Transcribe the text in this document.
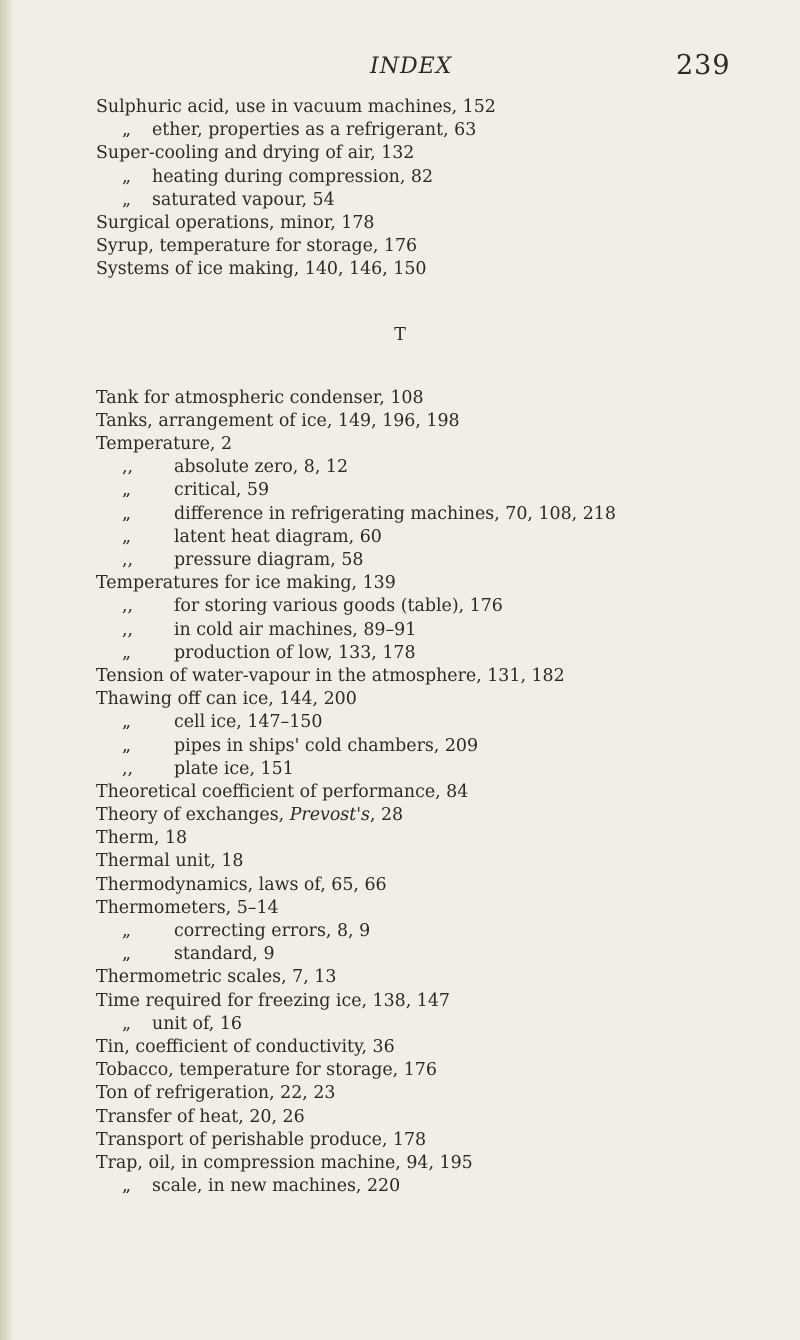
INDEX	239
Sulphuric acid, use in vacuum machines, 152
„ ether, properties as a refrigerant, 63
Super-cooling and drying of air, 132
„ heating during compression, 82
„ saturated vapour, 54
Surgical operations, minor, 178
Syrup, temperature for storage, 176
Systems of ice making, 140, 146, 150
T
Tank for atmospheric condenser, 108
Tanks, arrangement of ice, 149, 196, 198
Temperature, 2
,, absolute zero, 8, 12
„ critical, 59
„ difference in refrigerating machines, 70, 108, 218
„ latent heat diagram, 60
,, pressure diagram, 58
Temperatures for ice making, 139
,, for storing various goods (table), 176
,, in cold air machines, 89–91
„ production of low, 133, 178
Tension of water-vapour in the atmosphere, 131, 182
Thawing off can ice, 144, 200
„ cell ice, 147–150
„ pipes in ships' cold chambers, 209
,, plate ice, 151
Theoretical coefficient of performance, 84
Theory of exchanges, Prevost's, 28
Therm, 18
Thermal unit, 18
Thermodynamics, laws of, 65, 66
Thermometers, 5–14
„ correcting errors, 8, 9
„ standard, 9
Thermometric scales, 7, 13
Time required for freezing ice, 138, 147
„ unit of, 16
Tin, coefficient of conductivity, 36
Tobacco, temperature for storage, 176
Ton of refrigeration, 22, 23
Transfer of heat, 20, 26
Transport of perishable produce, 178
Trap, oil, in compression machine, 94, 195
„ scale, in new machines, 220
